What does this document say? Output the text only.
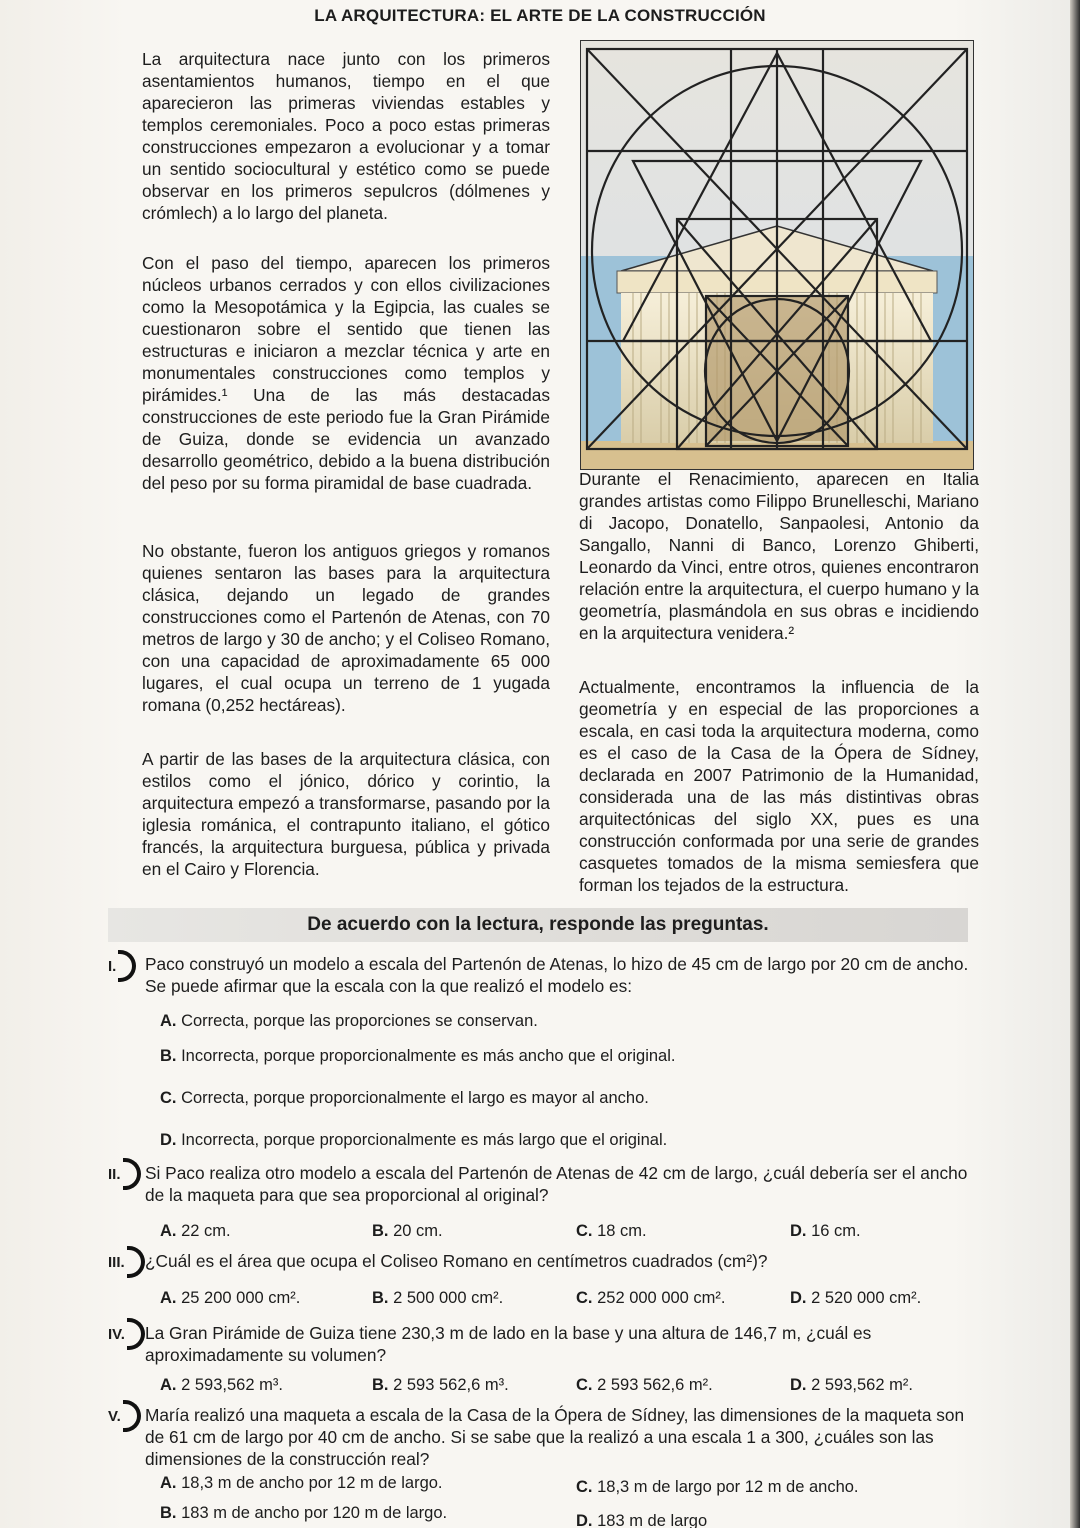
LA ARQUITECTURA: EL ARTE DE LA CONSTRUCCIÓN

La arquitectura nace junto con los primeros asentamientos humanos, tiempo en el que aparecieron las primeras viviendas estables y templos ceremoniales. Poco a poco estas primeras construcciones empezaron a evolucionar y a tomar un sentido sociocultural y estético como se puede observar en los primeros sepulcros (dólmenes y crómlech) a lo largo del planeta.

Con el paso del tiempo, aparecen los primeros núcleos urbanos cerrados y con ellos civilizaciones como la Mesopotámica y la Egipcia, las cuales se cuestionaron sobre el sentido que tienen las estructuras e iniciaron a mezclar técnica y arte en monumentales construcciones como templos y pirámides.¹ Una de las más destacadas construcciones de este periodo fue la Gran Pirámide de Guiza, donde se evidencia un avanzado desarrollo geométrico, debido a la buena distribución del peso por su forma piramidal de base cuadrada.

No obstante, fueron los antiguos griegos y romanos quienes sentaron las bases para la arquitectura clásica, dejando un legado de grandes construcciones como el Partenón de Atenas, con 70 metros de largo y 30 de ancho; y el Coliseo Romano, con una capacidad de aproximadamente 65 000 lugares, el cual ocupa un terreno de 1 yugada romana (0,252 hectáreas).

A partir de las bases de la arquitectura clásica, con estilos como el jónico, dórico y corintio, la arquitectura empezó a transformarse, pasando por la iglesia románica, el contrapunto italiano, el gótico francés, la arquitectura burguesa, pública y privada en el Cairo y Florencia.

Durante el Renacimiento, aparecen en Italia grandes artistas como Filippo Brunelleschi, Mariano di Jacopo, Donatello, Sanpaolesi, Antonio da Sangallo, Nanni di Banco, Lorenzo Ghiberti, Leonardo da Vinci, entre otros, quienes encontraron relación entre la arquitectura, el cuerpo humano y la geometría, plasmándola en sus obras e incidiendo en la arquitectura venidera.²

Actualmente, encontramos la influencia de la geometría y en especial de las proporciones a escala, en casi toda la arquitectura moderna, como es el caso de la Casa de la Ópera de Sídney, declarada en 2007 Patrimonio de la Humanidad, considerada una de las más distintivas obras arquitectónicas del siglo XX, pues es una construcción conformada por una serie de grandes casquetes tomados de la misma semiesfera que forman los tejados de la estructura.

De acuerdo con la lectura, responde las preguntas.
I. Paco construyó un modelo a escala del Partenón de Atenas, lo hizo de 45 cm de largo por 20 cm de ancho. Se puede afirmar que la escala con la que realizó el modelo es:
A. Correcta, porque las proporciones se conservan.
B. Incorrecta, porque proporcionalmente es más ancho que el original.
C. Correcta, porque proporcionalmente el largo es mayor al ancho.
D. Incorrecta, porque proporcionalmente es más largo que el original.
II. Si Paco realiza otro modelo a escala del Partenón de Atenas de 42 cm de largo, ¿cuál debería ser el ancho de la maqueta para que sea proporcional al original?
A. 22 cm.	B. 20 cm.	C. 18 cm.	D. 16 cm.
III. ¿Cuál es el área que ocupa el Coliseo Romano en centímetros cuadrados (cm²)?
A. 25 200 000 cm².	B. 2 500 000 cm².	C. 252 000 000 cm².	D. 2 520 000 cm².
IV. La Gran Pirámide de Guiza tiene 230,3 m de lado en la base y una altura de 146,7 m, ¿cuál es aproximadamente su volumen?
A. 2 593,562 m³.	B. 2 593 562,6 m³.	C. 2 593 562,6 m².	D. 2 593,562 m².
V. María realizó una maqueta a escala de la Casa de la Ópera de Sídney, las dimensiones de la maqueta son de 61 cm de largo por 40 cm de ancho. Si se sabe que la realizó a una escala 1 a 300, ¿cuáles son las dimensiones de la construcción real?
A. 18,3 m de ancho por 12 m de largo.	C. 18,3 m de largo por 12 m de ancho.
B. 183 m de ancho por 120 m de largo.	D. 183 m de largo
